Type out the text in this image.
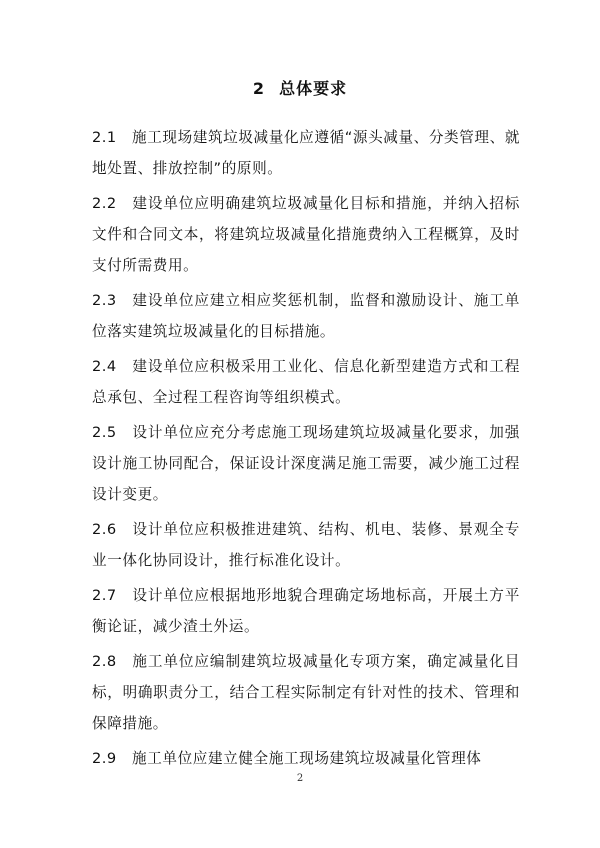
2 总体要求

2.1 施工现场建筑垃圾减量化应遵循“源头减量、分类管理、就地处置、排放控制”的原则。

2.2 建设单位应明确建筑垃圾减量化目标和措施，并纳入招标文件和合同文本，将建筑垃圾减量化措施费纳入工程概算，及时支付所需费用。

2.3 建设单位应建立相应奖惩机制，监督和激励设计、施工单位落实建筑垃圾减量化的目标措施。

2.4 建设单位应积极采用工业化、信息化新型建造方式和工程总承包、全过程工程咨询等组织模式。

2.5 设计单位应充分考虑施工现场建筑垃圾减量化要求，加强设计施工协同配合，保证设计深度满足施工需要，减少施工过程设计变更。

2.6 设计单位应积极推进建筑、结构、机电、装修、景观全专业一体化协同设计，推行标准化设计。

2.7 设计单位应根据地形地貌合理确定场地标高，开展土方平衡论证，减少渣土外运。

2.8 施工单位应编制建筑垃圾减量化专项方案，确定减量化目标，明确职责分工，结合工程实际制定有针对性的技术、管理和保障措施。

2.9 施工单位应建立健全施工现场建筑垃圾减量化管理体

2
